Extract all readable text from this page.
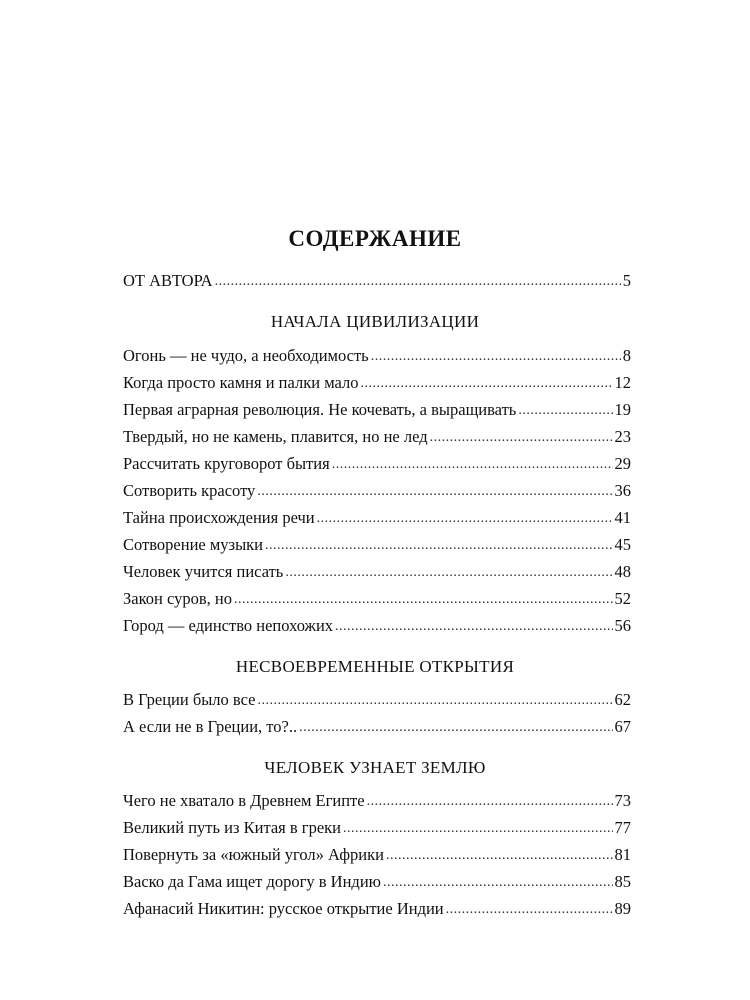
СОДЕРЖАНИЕ
ОТ АВТОРА .....	5
НАЧАЛА ЦИВИЛИЗАЦИИ
Огонь — не чудо, а необходимость .....	8
Когда просто камня и палки мало .....	12
Первая аграрная революция. Не кочевать, а выращивать .....	19
Твердый, но не камень, плавится, но не лед .....	23
Рассчитать круговорот бытия .....	29
Сотворить красоту .....	36
Тайна происхождения речи .....	41
Сотворение музыки .....	45
Человек учится писать .....	48
Закон суров, но .....	52
Город — единство непохожих .....	56
НЕСВОЕВРЕМЕННЫЕ ОТКРЫТИЯ
В Греции было все .....	62
А если не в Греции, то?.. .....	67
ЧЕЛОВЕК УЗНАЕТ ЗЕМЛЮ
Чего не хватало в Древнем Египте .....	73
Великий путь из Китая в греки .....	77
Повернуть за «южный угол» Африки .....	81
Васко да Гама ищет дорогу в Индию .....	85
Афанасий Никитин: русское открытие Индии .....	89
